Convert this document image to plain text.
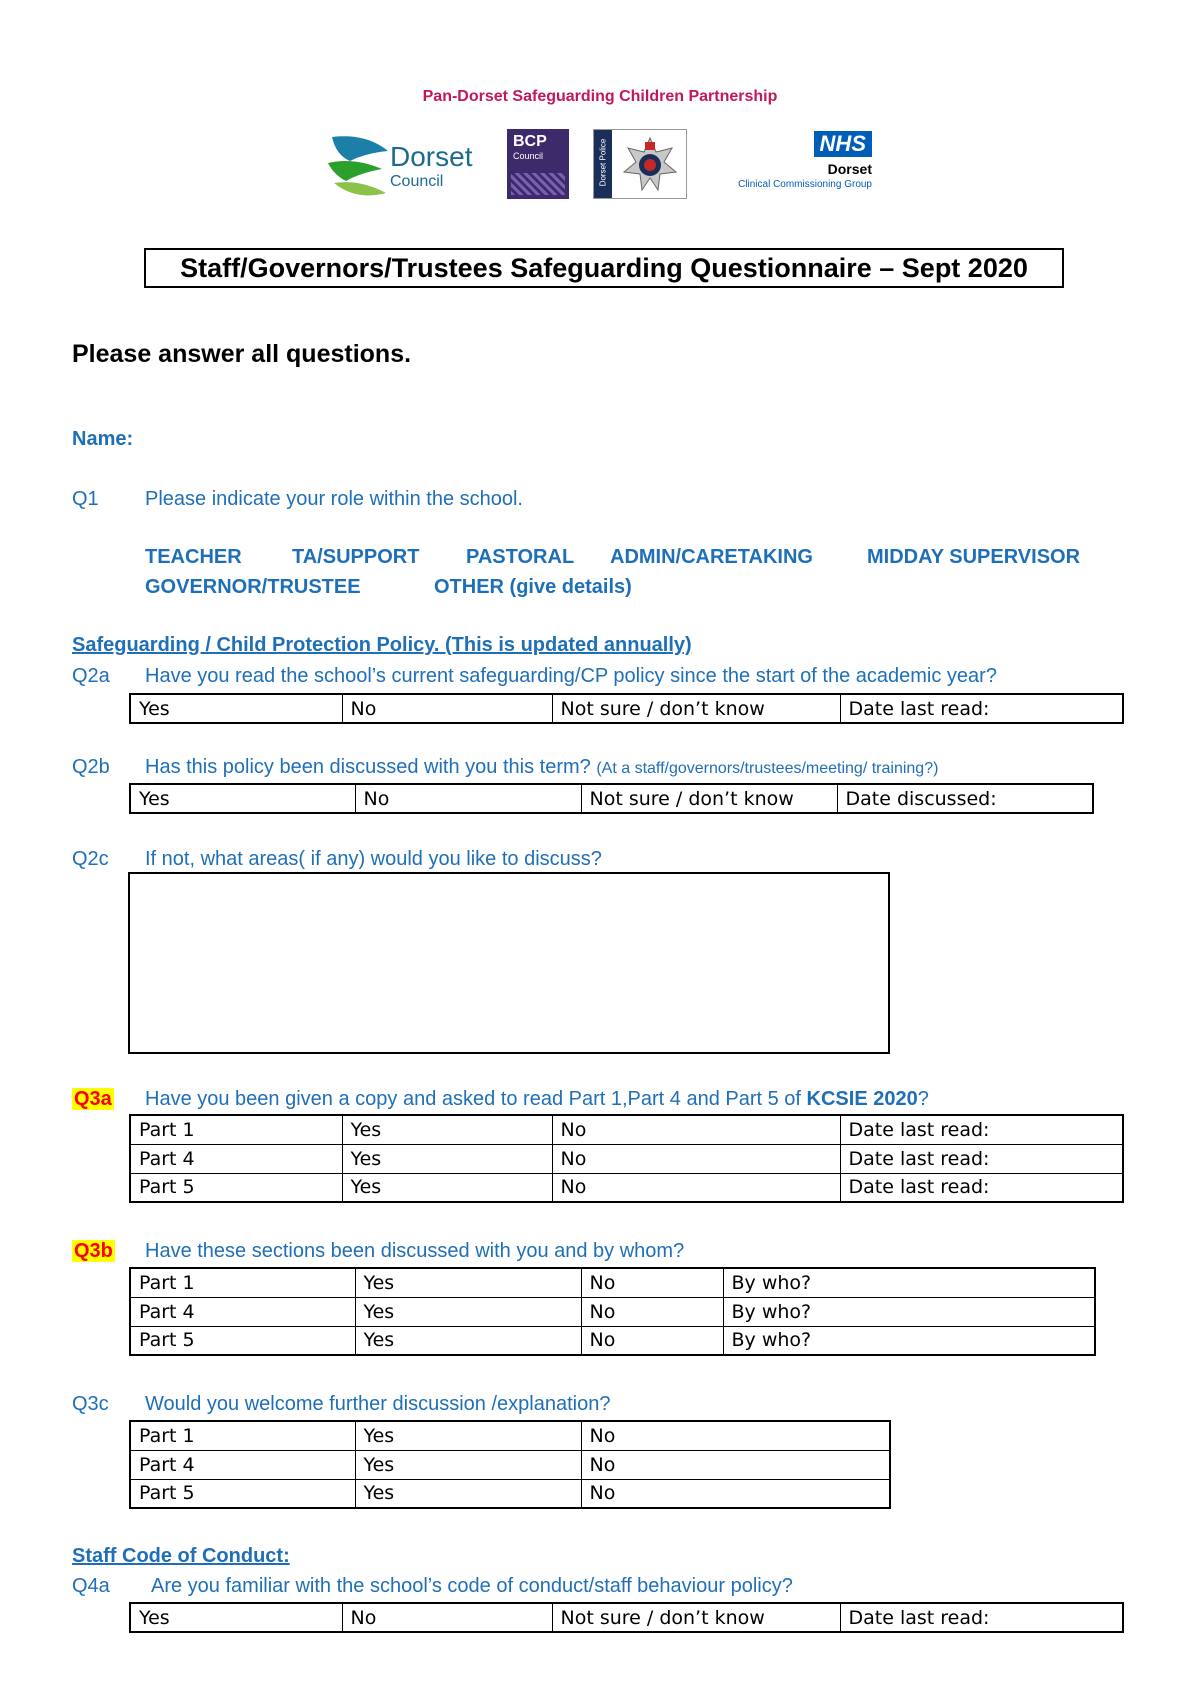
Pan-Dorset Safeguarding Children Partnership
Dorset
Council
BCP
Council	Dorset Police	NHS
Dorset
Clinical Commissioning Group
Staff/Governors/Trustees Safeguarding Questionnaire – Sept 2020
Please answer all questions.
Name:
Q1 Please indicate your role within the school.
TEACHER	TA/SUPPORT PASTORAL ADMIN/CARETAKING	MIDDAY SUPERVISOR
GOVERNOR/TRUSTEE	OTHER (give details)
Safeguarding / Child Protection Policy. (This is updated annually)
Q2a Have you read the school’s current safeguarding/CP policy since the start of the academic year?
Yes	No	Not sure / don’t know	Date last read:
Q2b Has this policy been discussed with you this term? (At a staff/governors/trustees/meeting/ training?)
Yes	No	Not sure / don’t know	Date discussed:
Q2c If not, what areas( if any) would you like to discuss?
Q3a Have you been given a copy and asked to read Part 1,Part 4 and Part 5 of KCSIE 2020?
Part 1	Yes	No	Date last read:
Part 4	Yes	No	Date last read:
Part 5	Yes	No	Date last read:
Q3b Have these sections been discussed with you and by whom?
Part 1	Yes	No	By who?
Part 4	Yes	No	By who?
Part 5	Yes	No	By who?
Q3c Would you welcome further discussion /explanation?
Part 1	Yes	No
Part 4	Yes	No
Part 5	Yes	No
Staff Code of Conduct:
Q4a Are you familiar with the school’s code of conduct/staff behaviour policy?
Yes	No	Not sure / don’t know	Date last read:
